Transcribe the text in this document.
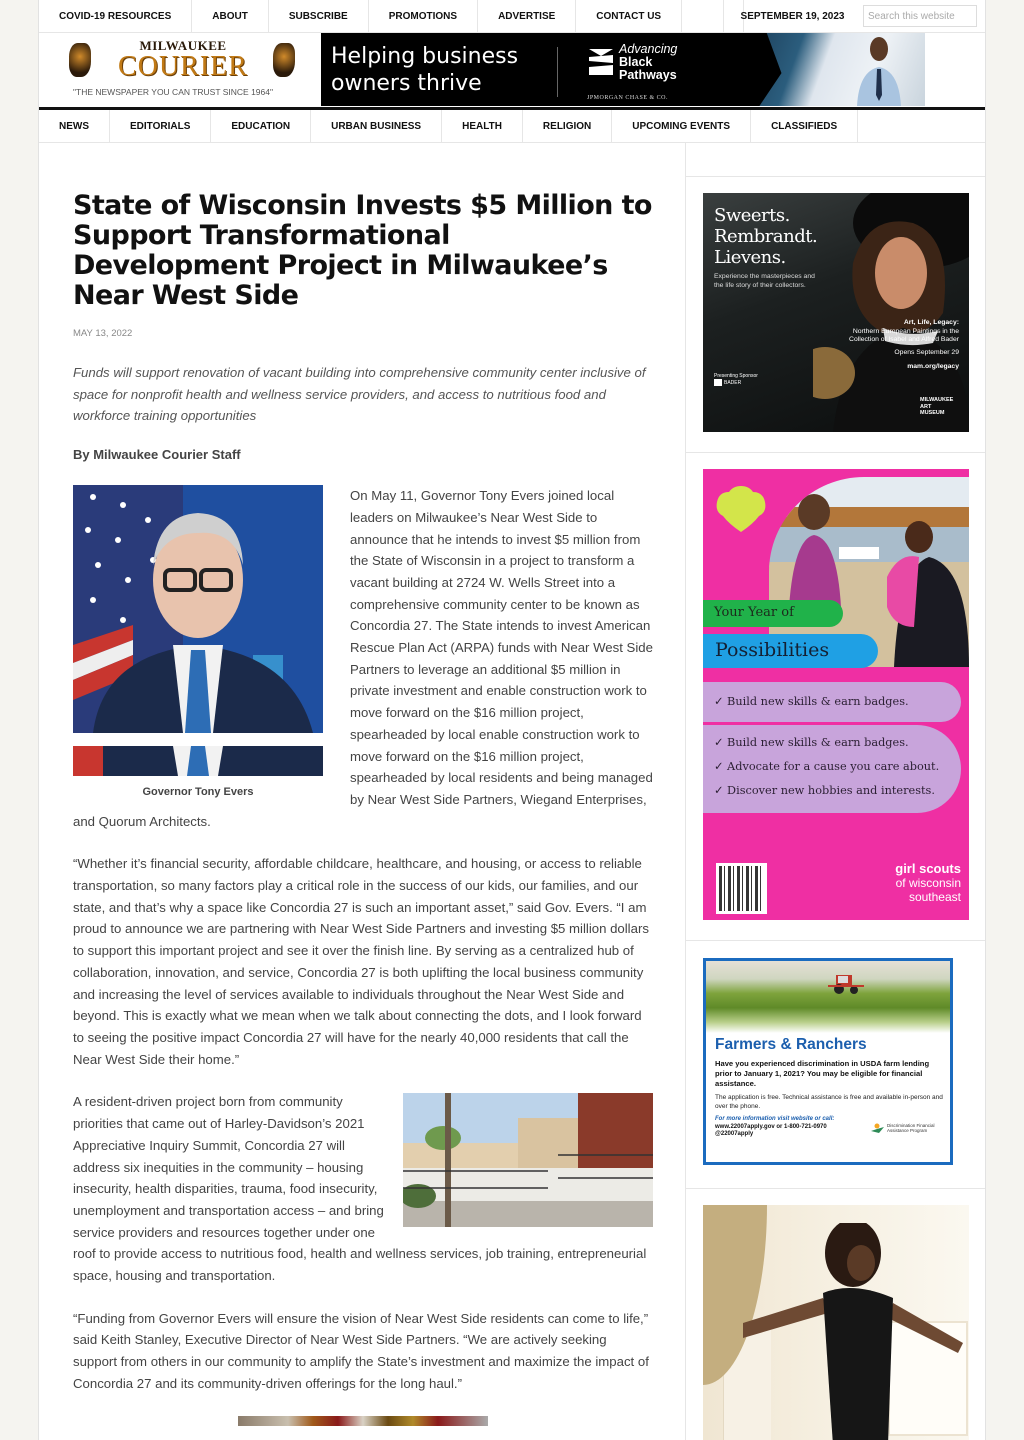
COVID-19 RESOURCES	ABOUT	SUBSCRIBE	PROMOTIONS	ADVERTISE	CONTACT US	SEPTEMBER 19, 2023
Search this website
MILWAUKEE
COURIER
"THE NEWSPAPER YOU CAN TRUST SINCE 1964"
Helping business
owners thrive
Advancing
Black
Pathways
JPMORGAN CHASE & CO.
NEWS	EDITORIALS	EDUCATION	URBAN BUSINESS	HEALTH	RELIGION	UPCOMING EVENTS	CLASSIFIEDS
State of Wisconsin Invests $5 Million to Support Transformational Development Project in Milwaukee’s Near West Side
MAY 13, 2022

Funds will support renovation of vacant building into comprehensive community center inclusive of space for nonprofit health and wellness service providers, and access to nutritious food and workforce training opportunities

By Milwaukee Courier Staff
Governor Tony Evers
On May 11, Governor Tony Evers joined local leaders on Milwaukee’s Near West Side to announce that he intends to invest $5 million from the State of Wisconsin in a project to transform a vacant building at 2724 W. Wells Street into a comprehensive community center to be known as Concordia 27. The State intends to invest American Rescue Plan Act (ARPA) funds with Near West Side Partners to leverage an additional $5 million in private investment and enable construction work to move forward on the $16 million project, spearheaded by local enable construction work to move forward on the $16 million project, spearheaded by local residents and being managed by Near West Side Partners, Wiegand Enterprises, and Quorum Architects.

“Whether it’s financial security, affordable childcare, healthcare, and housing, or access to reliable transportation, so many factors play a critical role in the success of our kids, our families, and our state, and that’s why a space like Concordia 27 is such an important asset,” said Gov. Evers. “I am proud to announce we are partnering with Near West Side Partners and investing $5 million dollars to support this important project and see it over the finish line. By serving as a centralized hub of collaboration, innovation, and service, Concordia 27 is both uplifting the local business community and increasing the level of services available to individuals throughout the Near West Side and beyond. This is exactly what we mean when we talk about connecting the dots, and I look forward to seeing the positive impact Concordia 27 will have for the nearly 40,000 residents that call the Near West Side their home.”

A resident-driven project born from community priorities that came out of Harley-Davidson’s 2021 Appreciative Inquiry Summit, Concordia 27 will address six inequities in the community – housing insecurity, health disparities, trauma, food insecurity, unemployment and transportation access – and bring service providers and resources together under one roof to provide access to nutritious food, health and wellness services, job training, entrepreneurial space, housing and transportation.

“Funding from Governor Evers will ensure the vision of Near West Side residents can come to life,” said Keith Stanley, Executive Director of Near West Side Partners. “We are actively seeking support from others in our community to amplify the State’s investment and maximize the impact of Concordia 27 and its community-driven offerings for the long haul.”

Sweerts.
Rembrandt.
Lievens.
Experience the masterpieces and the life story of their collectors.
Art, Life, Legacy:
Northern European Paintings in the Collection of Isabel and Alfred Bader
Opens September 29
mam.org/legacy
Presenting Sponsor
BADER
MILWAUKEE
ART
MUSEUM
Your Year of
Possibilities
✓ Build new skills & earn badges.
✓ Build new skills & earn badges.
✓ Advocate for a cause you care about.
✓ Discover new hobbies and interests.
girl scouts
of wisconsin
southeast
Farmers & Ranchers
Have you experienced discrimination in USDA farm lending prior to January 1, 2021? You may be eligible for financial assistance.
The application is free. Technical assistance is free and available in-person and over the phone.
For more information visit website or call:
www.22007apply.gov or 1-800-721-0970
@22007apply
Discrimination Financial Assistance Program
